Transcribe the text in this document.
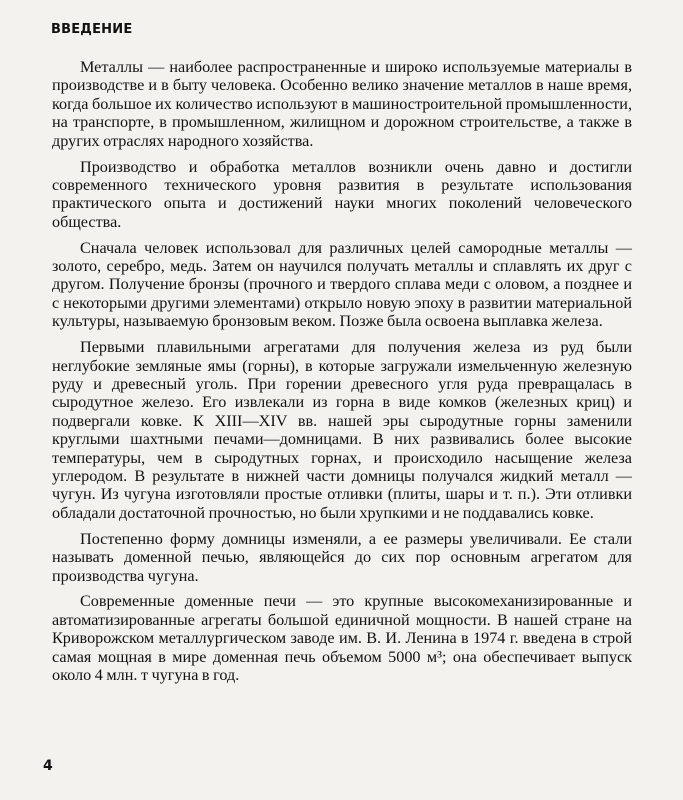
ВВЕДЕНИЕ

Металлы — наиболее распространенные и широко используемые материалы в производстве и в быту человека. Особенно велико значение металлов в наше время, когда большое их количество используют в машиностроительной промышленности, на транспорте, в промышленном, жилищном и дорожном строительстве, а также в других отраслях народного хозяйства.

Производство и обработка металлов возникли очень давно и достигли современного технического уровня развития в результате использования практического опыта и достижений науки многих поколений человеческого общества.

Сначала человек использовал для различных целей самородные металлы — золото, серебро, медь. Затем он научился получать металлы и сплавлять их друг с другом. Получение бронзы (прочного и твердого сплава меди с оловом, а позднее и с некоторыми другими элементами) открыло новую эпоху в развитии материальной культуры, называемую бронзовым веком. Позже была освоена выплавка железа.

Первыми плавильными агрегатами для получения железа из руд были неглубокие земляные ямы (горны), в которые загружали измельченную железную руду и древесный уголь. При горении древесного угля руда превращалась в сыродутное железо. Его извлекали из горна в виде комков (железных криц) и подвергали ковке. К XIII—XIV вв. нашей эры сыродутные горны заменили круглыми шахтными печами—домницами. В них развивались более высокие температуры, чем в сыродутных горнах, и происходило насыщение железа углеродом. В результате в нижней части домницы получался жидкий металл — чугун. Из чугуна изготовляли простые отливки (плиты, шары и т. п.). Эти отливки обладали достаточной прочностью, но были хрупкими и не поддавались ковке.

Постепенно форму домницы изменяли, а ее размеры увеличивали. Ее стали называть доменной печью, являющейся до сих пор основным агрегатом для производства чугуна.

Современные доменные печи — это крупные высокомеханизированные и автоматизированные агрегаты большой единичной мощности. В нашей стране на Криворожском металлургическом заводе им. В. И. Ленина в 1974 г. введена в строй самая мощная в мире доменная печь объемом 5000 м³; она обеспечивает выпуск около 4 млн. т чугуна в год.

4
